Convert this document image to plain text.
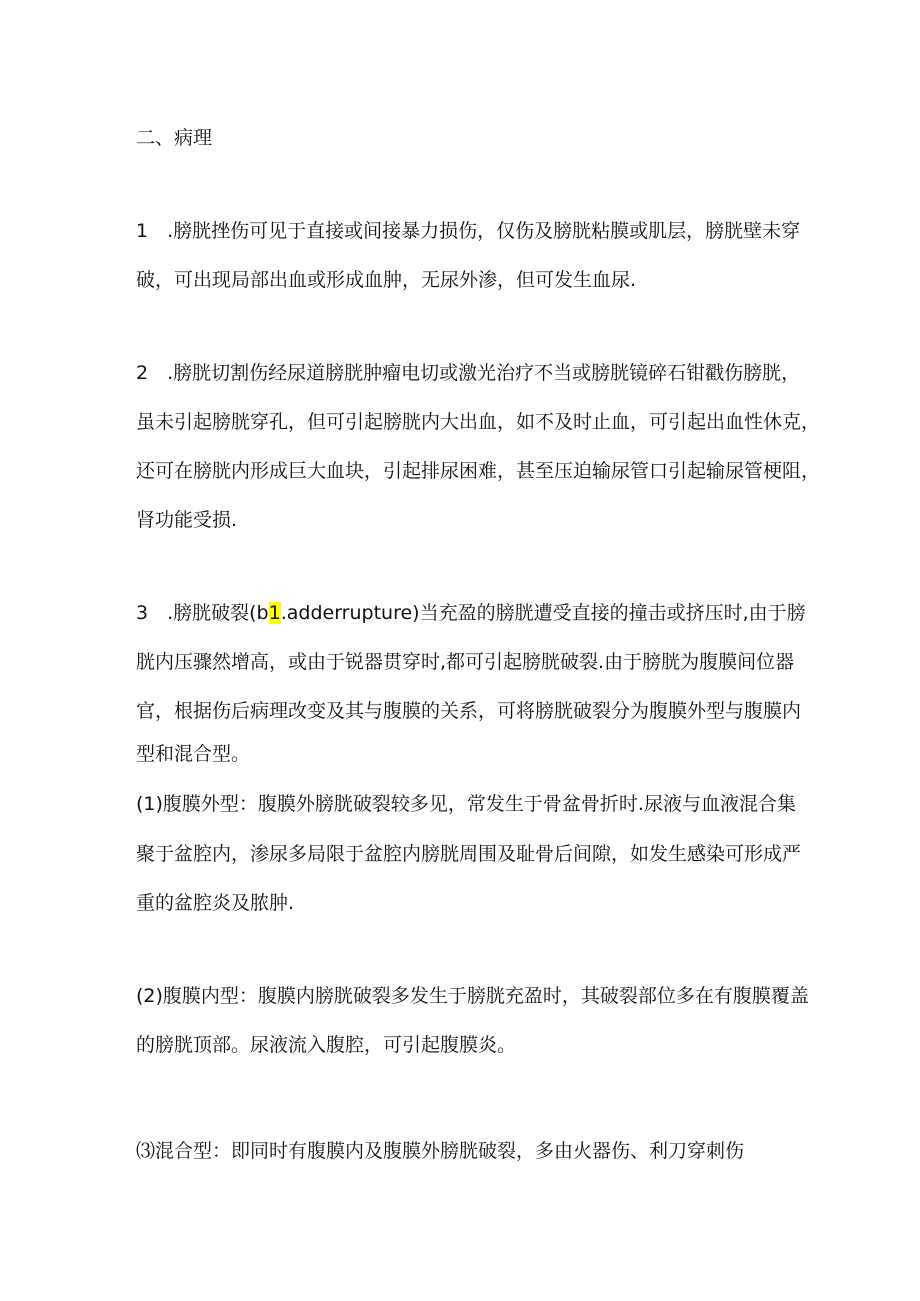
二、病理
1　.膀胱挫伤可见于直接或间接暴力损伤，仅伤及膀胱粘膜或肌层，膀胱壁未穿
破，可出现局部出血或形成血肿，无尿外渗，但可发生血尿.
2　.膀胱切割伤经尿道膀胱肿瘤电切或激光治疗不当或膀胱镜碎石钳戳伤膀胱，
虽未引起膀胱穿孔，但可引起膀胱内大出血，如不及时止血，可引起出血性休克，
还可在膀胱内形成巨大血块，引起排尿困难，甚至压迫输尿管口引起输尿管梗阻，
肾功能受损.
3　.膀胱破裂(b1.adderrupture)当充盈的膀胱遭受直接的撞击或挤压时,由于膀
胱内压骤然增高，或由于锐器贯穿时,都可引起膀胱破裂.由于膀胱为腹膜间位器
官，根据伤后病理改变及其与腹膜的关系，可将膀胱破裂分为腹膜外型与腹膜内
型和混合型。
(1)腹膜外型：腹膜外膀胱破裂较多见，常发生于骨盆骨折时.尿液与血液混合集
聚于盆腔内，渗尿多局限于盆腔内膀胱周围及耻骨后间隙，如发生感染可形成严
重的盆腔炎及脓肿.
(2)腹膜内型：腹膜内膀胱破裂多发生于膀胱充盈时，其破裂部位多在有腹膜覆盖
的膀胱顶部。尿液流入腹腔，可引起腹膜炎。
⑶混合型：即同时有腹膜内及腹膜外膀胱破裂，多由火器伤、利刀穿刺伤
